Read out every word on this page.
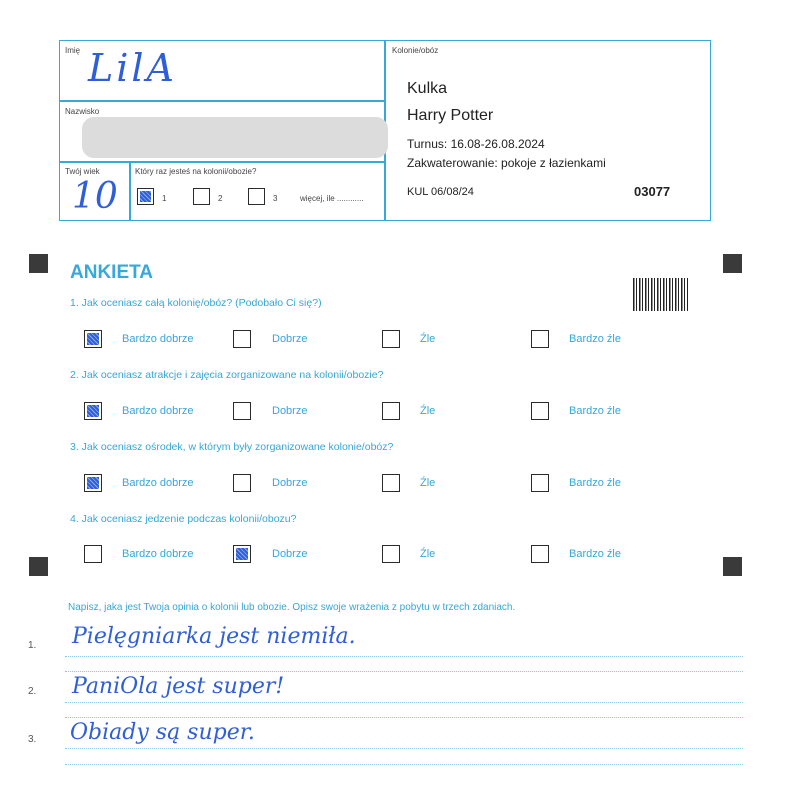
Imię LilA
Nazwisko
Twój wiek
10
Który raz jesteś na kolonii/obozie?
1	2	3	więcej, ile ............
Kolonie/obóz
Kulka
Harry Potter
Turnus: 16.08-26.08.2024
Zakwaterowanie: pokoje z łazienkami
KUL 06/08/24	03077
ANKIETA
1. Jak oceniasz całą kolonię/obóz? (Podobało Ci się?)
Bardzo dobrze	Dobrze	Źle	Bardzo źle
2. Jak oceniasz atrakcje i zajęcia zorganizowane na kolonii/obozie?
Bardzo dobrze	Dobrze	Źle	Bardzo źle
3. Jak oceniasz ośrodek, w którym były zorganizowane kolonie/obóz?
Bardzo dobrze	Dobrze	Źle	Bardzo źle
4. Jak oceniasz jedzenie podczas kolonii/obozu?
Bardzo dobrze	Dobrze	Źle	Bardzo źle
Napisz, jaka jest Twoja opinia o kolonii lub obozie. Opisz swoje wrażenia z pobytu w trzech zdaniach.
1. Pielęgniarka jest niemiła.
2. PaniOla jest super!
3. Obiady są super.
